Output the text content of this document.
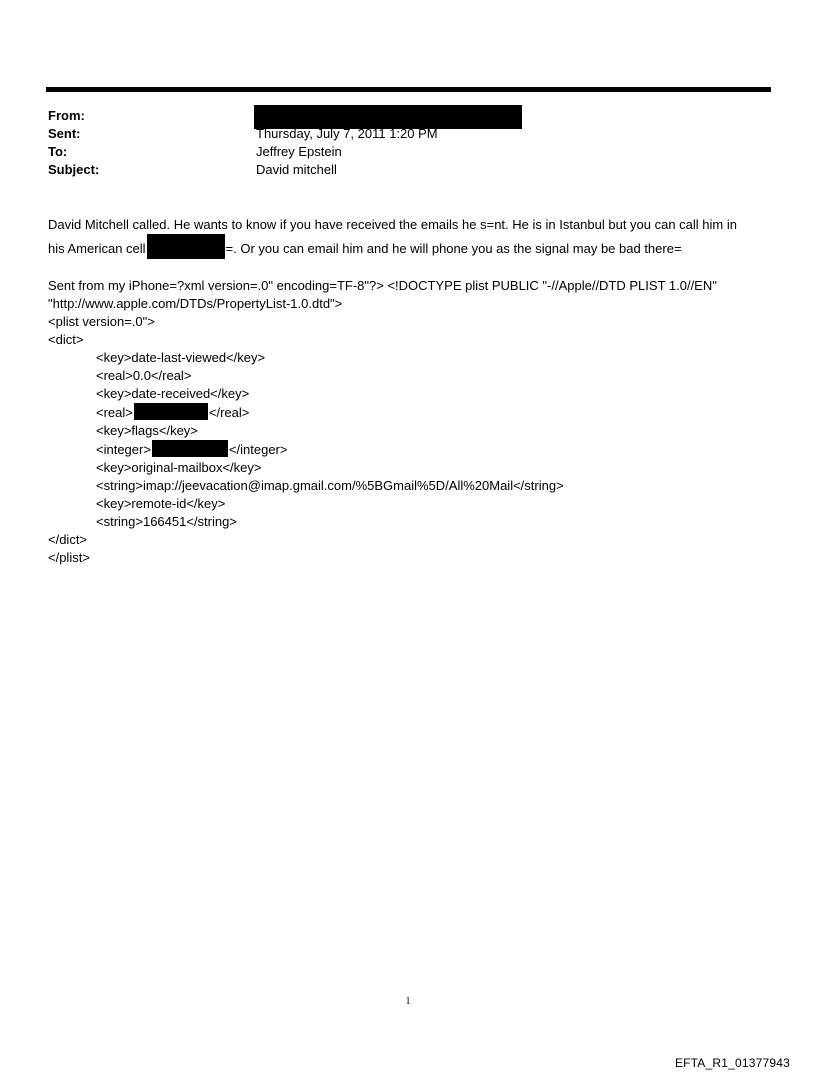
From:
Sent:	Thursday, July 7, 2011 1:20 PM
To:	Jeffrey Epstein
Subject:	David mitchell

David Mitchell called. He wants to know if you have received the emails he s=nt. He is in Istanbul but you can call him in

his American cell	=. Or you can email him and he will phone you as the signal may be bad there=

Sent from my iPhone=?xml version=.0" encoding=TF-8"?> <!DOCTYPE plist PUBLIC "-//Apple//DTD PLIST 1.0//EN"

"http://www.apple.com/DTDs/PropertyList-1.0.dtd">

<plist version=.0">

<dict>

<key>date-last-viewed</key>

<real>0.0</real>

<key>date-received</key>

<real>	</real>

<key>flags</key>

<integer>	</integer>

<key>original-mailbox</key>

<string>imap://jeevacation@imap.gmail.com/%5BGmail%5D/All%20Mail</string>

<key>remote-id</key>

<string>166451</string>

</dict>

</plist>

1
EFTA_R1_01377943
